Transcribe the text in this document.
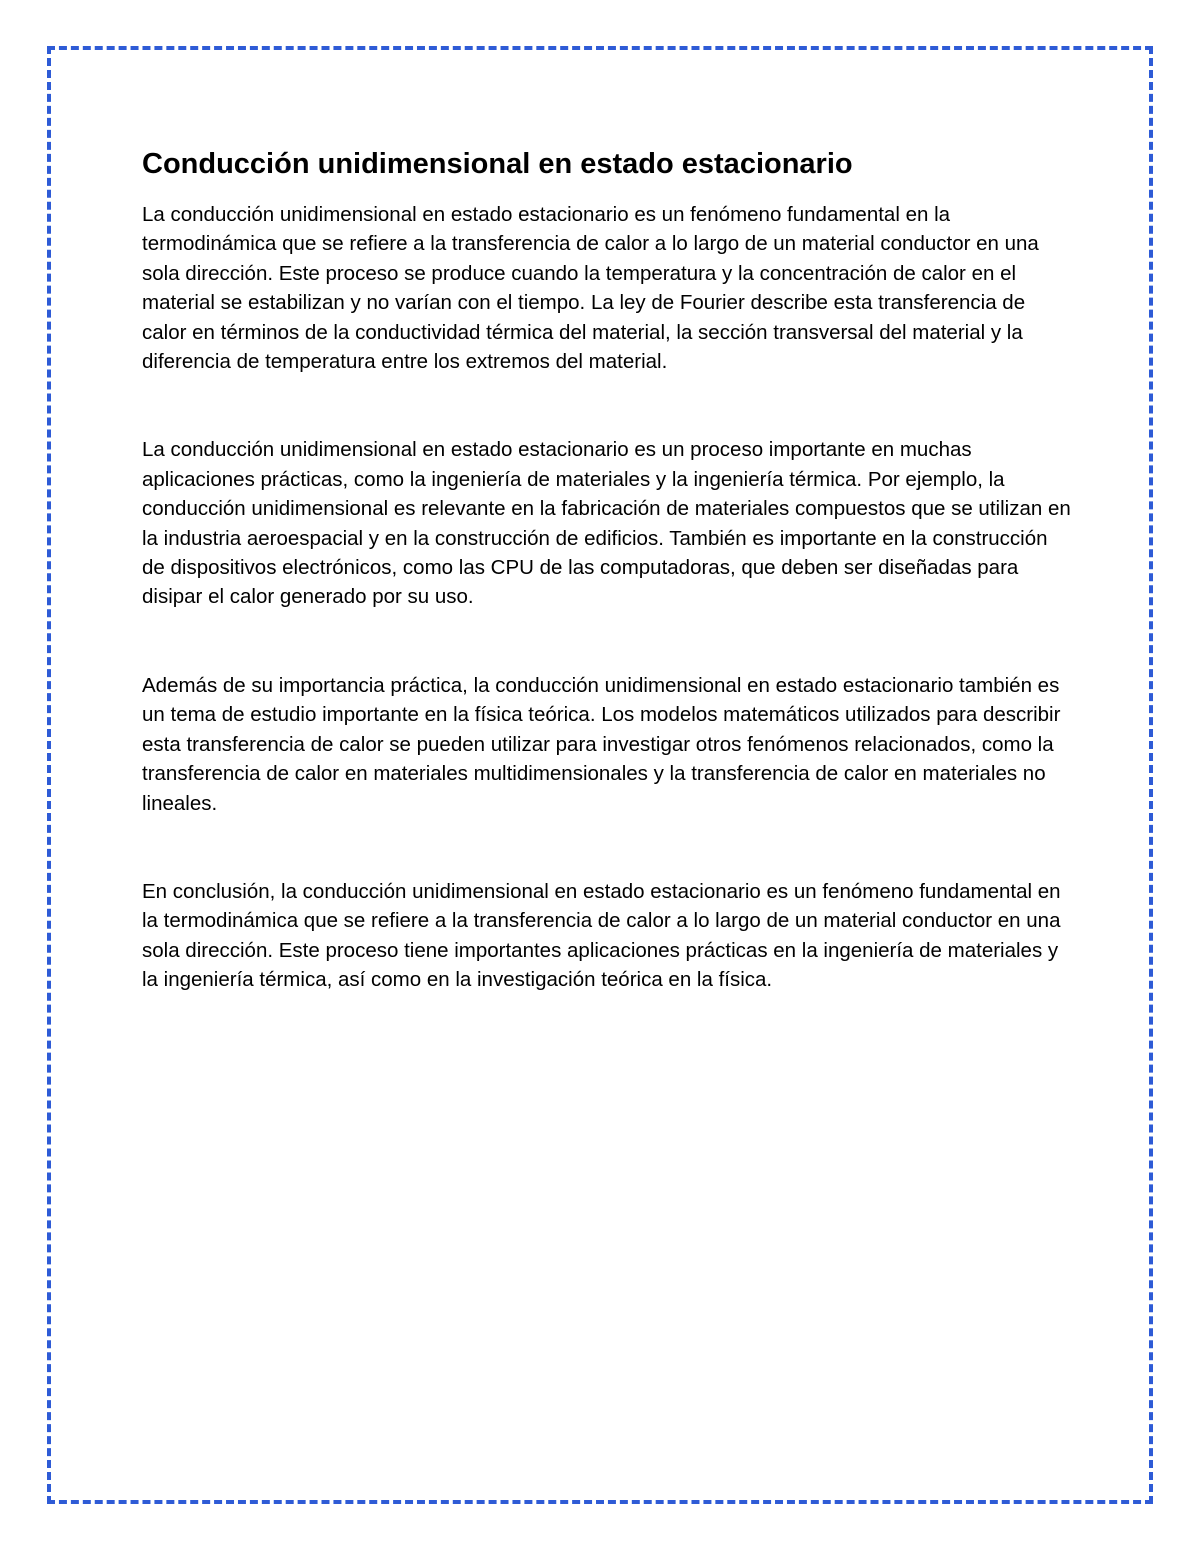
Conducción unidimensional en estado estacionario

La conducción unidimensional en estado estacionario es un fenómeno fundamental en la termodinámica que se refiere a la transferencia de calor a lo largo de un material conductor en una sola dirección. Este proceso se produce cuando la temperatura y la concentración de calor en el material se estabilizan y no varían con el tiempo. La ley de Fourier describe esta transferencia de calor en términos de la conductividad térmica del material, la sección transversal del material y la diferencia de temperatura entre los extremos del material.

La conducción unidimensional en estado estacionario es un proceso importante en muchas aplicaciones prácticas, como la ingeniería de materiales y la ingeniería térmica. Por ejemplo, la conducción unidimensional es relevante en la fabricación de materiales compuestos que se utilizan en la industria aeroespacial y en la construcción de edificios. También es importante en la construcción de dispositivos electrónicos, como las CPU de las computadoras, que deben ser diseñadas para disipar el calor generado por su uso.

Además de su importancia práctica, la conducción unidimensional en estado estacionario también es un tema de estudio importante en la física teórica. Los modelos matemáticos utilizados para describir esta transferencia de calor se pueden utilizar para investigar otros fenómenos relacionados, como la transferencia de calor en materiales multidimensionales y la transferencia de calor en materiales no lineales.

En conclusión, la conducción unidimensional en estado estacionario es un fenómeno fundamental en la termodinámica que se refiere a la transferencia de calor a lo largo de un material conductor en una sola dirección. Este proceso tiene importantes aplicaciones prácticas en la ingeniería de materiales y la ingeniería térmica, así como en la investigación teórica en la física.
